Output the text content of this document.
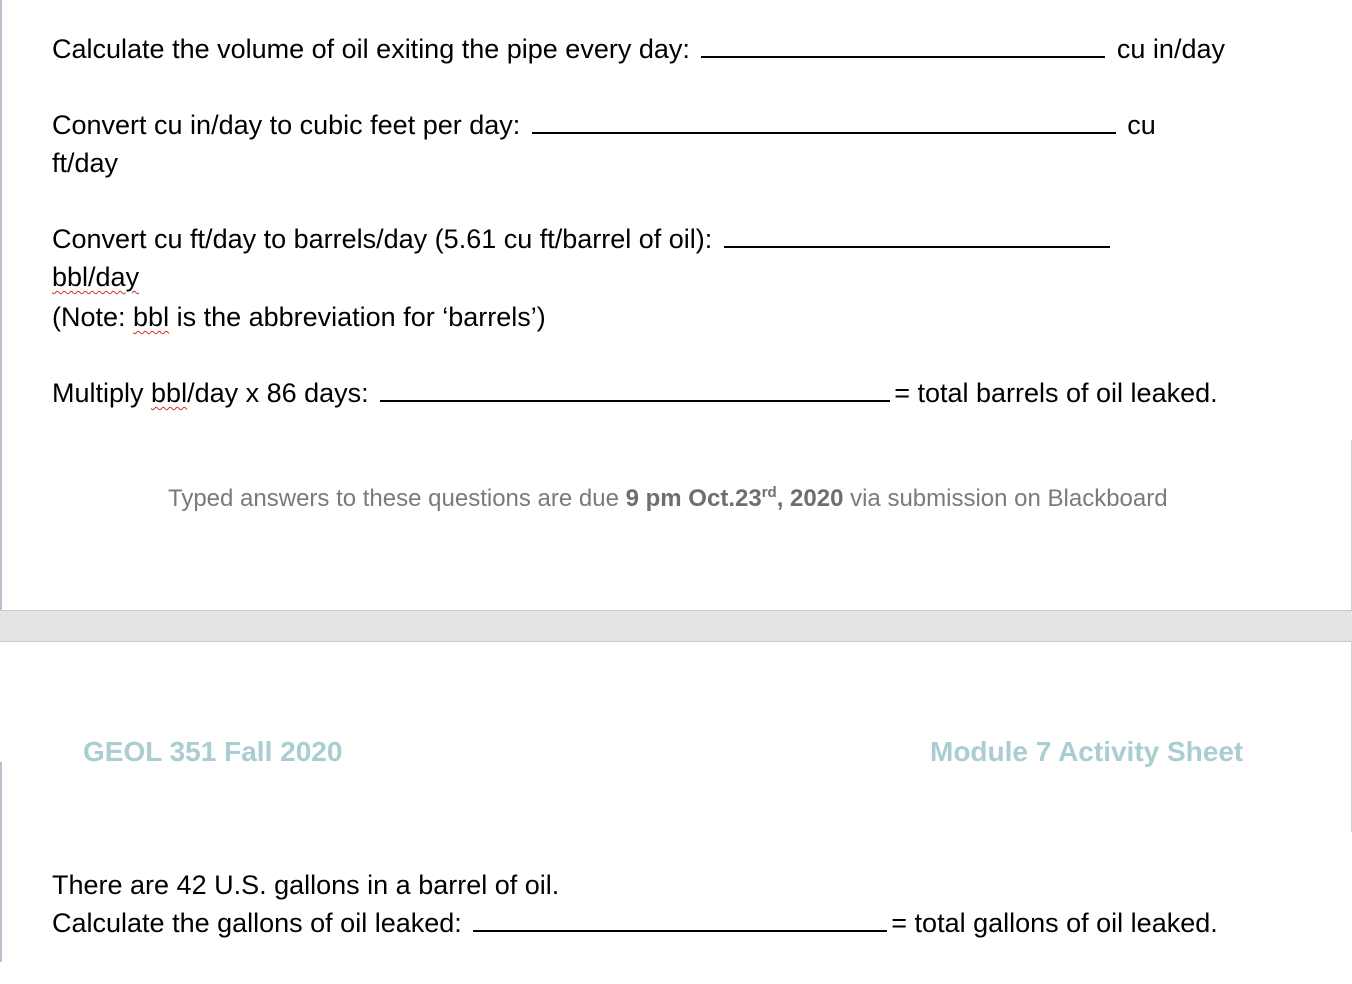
Calculate the volume of oil exiting the pipe every day:	cu in/day
Convert cu in/day to cubic feet per day:	cu
ft/day
Convert cu ft/day to barrels/day (5.61 cu ft/barrel of oil):
bbl/day
(Note: bbl is the abbreviation for ‘barrels’)
Multiply bbl/day x 86 days:	= total barrels of oil leaked.
Typed answers to these questions are due 9 pm Oct.23rd, 2020 via submission on Blackboard
GEOL 351 Fall 2020	Module 7 Activity Sheet
There are 42 U.S. gallons in a barrel of oil.
Calculate the gallons of oil leaked:	= total gallons of oil leaked.
